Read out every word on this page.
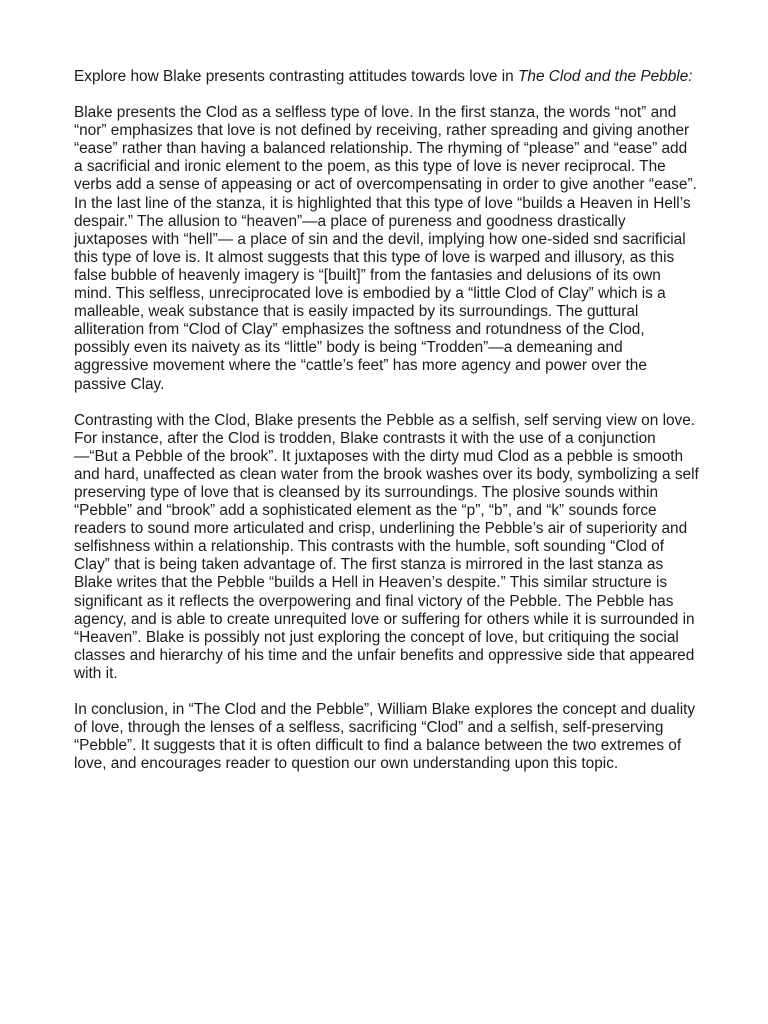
Explore how Blake presents contrasting attitudes towards love in The Clod and the Pebble:

Blake presents the Clod as a selfless type of love. In the first stanza, the words “not” and “nor” emphasizes that love is not defined by receiving, rather spreading and giving another “ease” rather than having a balanced relationship. The rhyming of “please” and “ease” add a sacrificial and ironic element to the poem, as this type of love is never reciprocal. The verbs add a sense of appeasing or act of overcompensating in order to give another “ease”. In the last line of the stanza, it is highlighted that this type of love “builds a Heaven in Hell’s despair.” The allusion to “heaven”—a place of pureness and goodness drastically juxtaposes with “hell”— a place of sin and the devil, implying how one-sided snd sacrificial this type of love is. It almost suggests that this type of love is warped and illusory, as this false bubble of heavenly imagery is “[built]” from the fantasies and delusions of its own mind. This selfless, unreciprocated love is embodied by a “little Clod of Clay” which is a malleable, weak substance that is easily impacted by its surroundings. The guttural alliteration from “Clod of Clay” emphasizes the softness and rotundness of the Clod, possibly even its naivety as its “little” body is being “Trodden”—a demeaning and aggressive movement where the “cattle’s feet” has more agency and power over the passive Clay.

Contrasting with the Clod, Blake presents the Pebble as a selfish, self serving view on love. For instance, after the Clod is trodden, Blake contrasts it with the use of a conjunction—“But a Pebble of the brook”. It juxtaposes with the dirty mud Clod as a pebble is smooth and hard, unaffected as clean water from the brook washes over its body, symbolizing a self preserving type of love that is cleansed by its surroundings. The plosive sounds within “Pebble” and “brook” add a sophisticated element as the “p”, “b”, and “k” sounds force readers to sound more articulated and crisp, underlining the Pebble’s air of superiority and selfishness within a relationship. This contrasts with the humble, soft sounding “Clod of Clay” that is being taken advantage of. The first stanza is mirrored in the last stanza as Blake writes that the Pebble “builds a Hell in Heaven’s despite.” This similar structure is significant as it reflects the overpowering and final victory of the Pebble. The Pebble has agency, and is able to create unrequited love or suffering for others while it is surrounded in “Heaven”. Blake is possibly not just exploring the concept of love, but critiquing the social classes and hierarchy of his time and the unfair benefits and oppressive side that appeared with it.

In conclusion, in “The Clod and the Pebble”, William Blake explores the concept and duality of love, through the lenses of a selfless, sacrificing “Clod” and a selfish, self-preserving “Pebble”. It suggests that it is often difficult to find a balance between the two extremes of love, and encourages reader to question our own understanding upon this topic.
